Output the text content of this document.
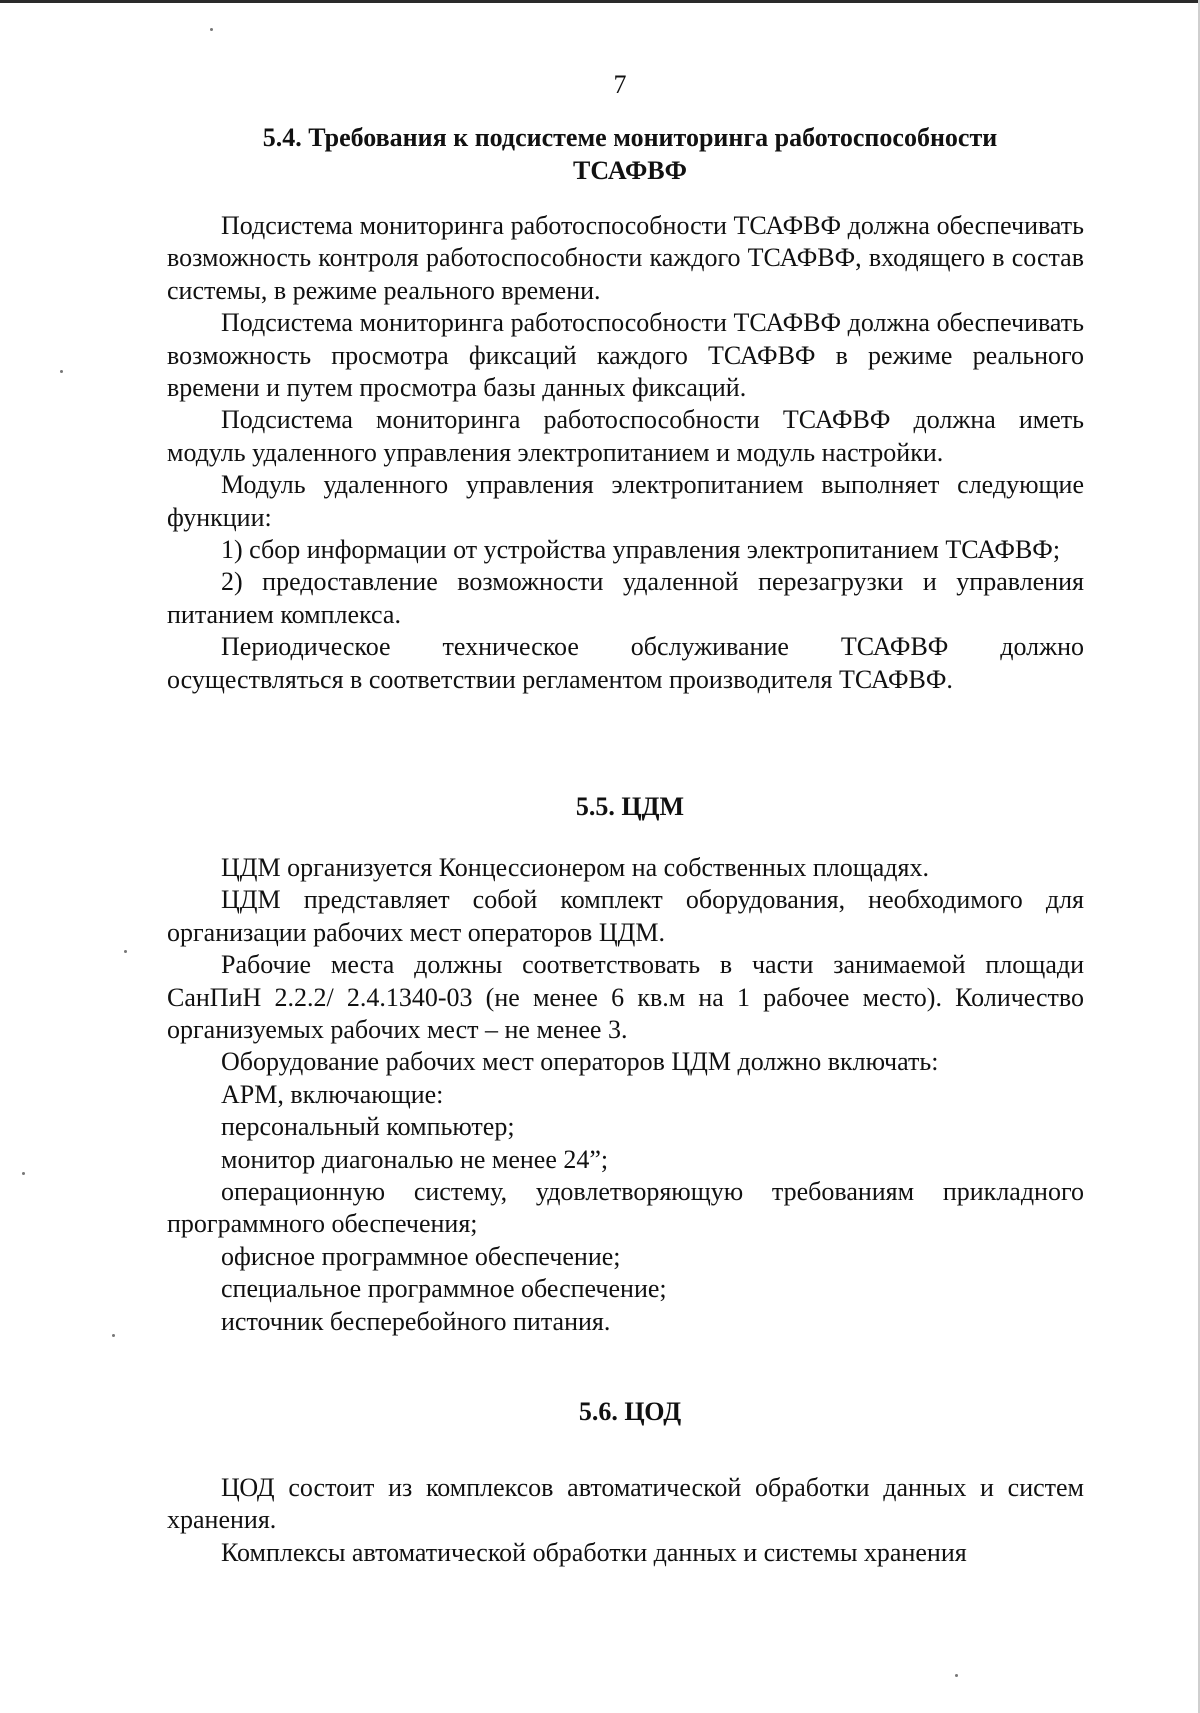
7
5.4. Требования к подсистеме мониторинга работоспособности
ТСАФВФ

Подсистема мониторинга работоспособности ТСАФВФ должна обеспечивать возможность контроля работоспособности каждого ТСАФВФ, входящего в состав системы, в режиме реального времени.

Подсистема мониторинга работоспособности ТСАФВФ должна обеспечивать возможность просмотра фиксаций каждого ТСАФВФ в режиме реального времени и путем просмотра базы данных фиксаций.

Подсистема мониторинга работоспособности ТСАФВФ должна иметь модуль удаленного управления электропитанием и модуль настройки.

Модуль удаленного управления электропитанием выполняет следующие функции:

1) сбор информации от устройства управления электропитанием ТСАФВФ;

2) предоставление возможности удаленной перезагрузки и управления питанием комплекса.

Периодическое техническое обслуживание ТСАФВФ должно осуществляться в соответствии регламентом производителя ТСАФВФ.

5.5. ЦДМ

ЦДМ организуется Концессионером на собственных площадях.

ЦДМ представляет собой комплект оборудования, необходимого для организации рабочих мест операторов ЦДМ.

Рабочие места должны соответствовать в части занимаемой площади СанПиН 2.2.2/ 2.4.1340-03 (не менее 6 кв.м на 1 рабочее место). Количество организуемых рабочих мест – не менее 3.

Оборудование рабочих мест операторов ЦДМ должно включать:

АРМ, включающие:

персональный компьютер;

монитор диагональю не менее 24”;

операционную систему, удовлетворяющую требованиям прикладного программного обеспечения;

офисное программное обеспечение;

специальное программное обеспечение;

источник бесперебойного питания.

5.6. ЦОД

ЦОД состоит из комплексов автоматической обработки данных и систем хранения.

Комплексы автоматической обработки данных и системы хранения
